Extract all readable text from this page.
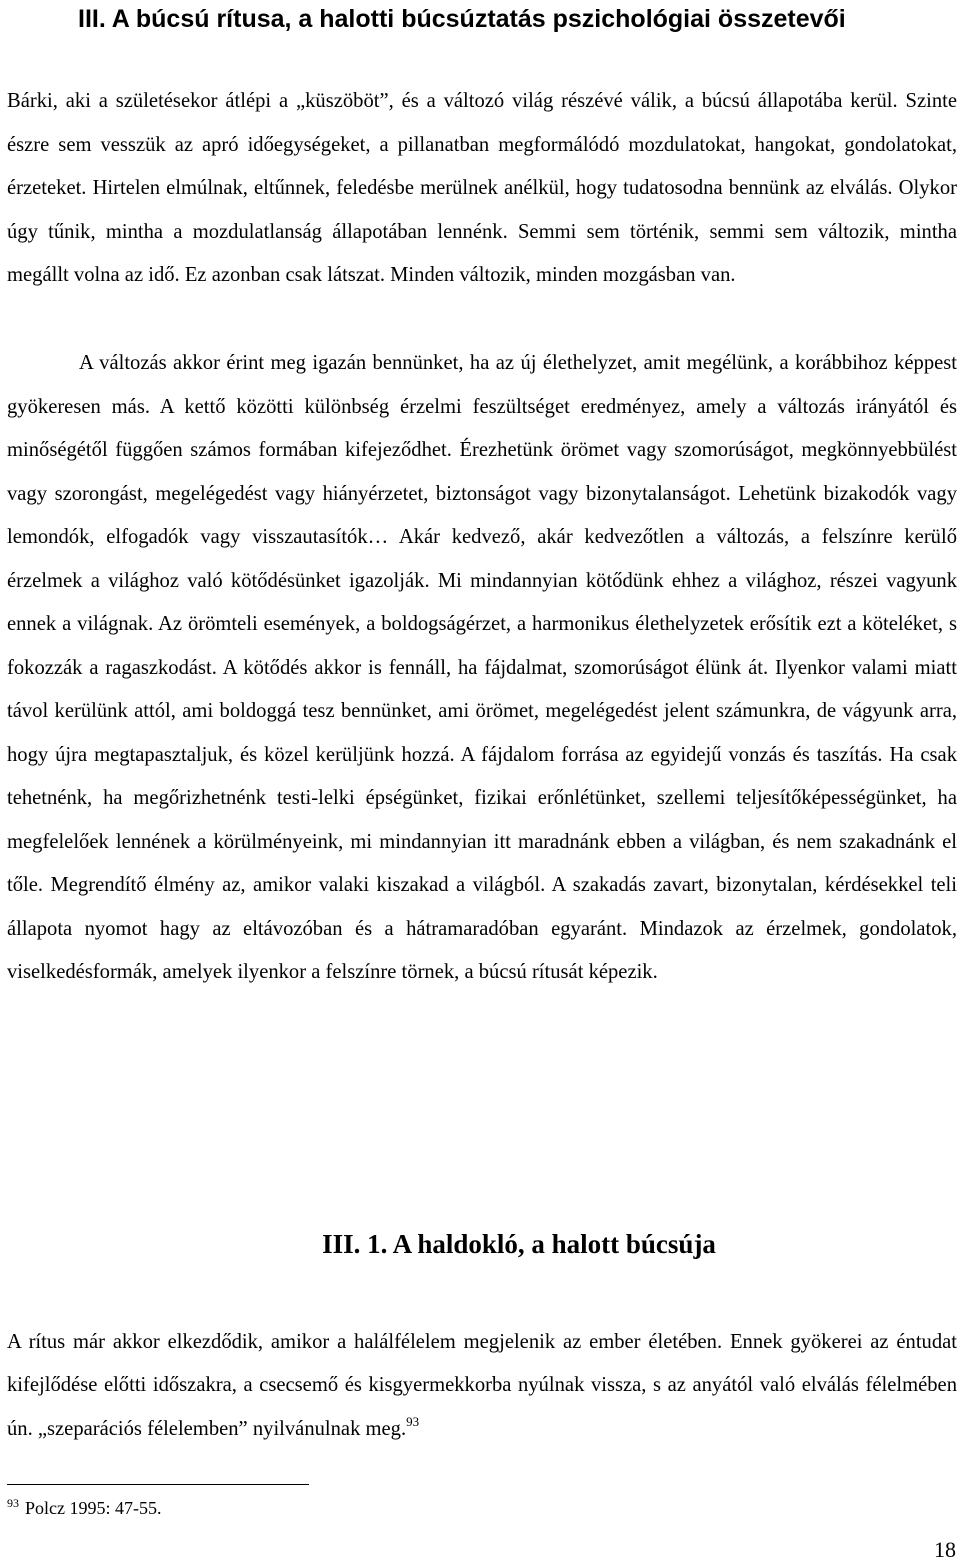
III. A búcsú rítusa, a halotti búcsúztatás pszichológiai összetevői

Bárki, aki a születésekor átlépi a „küszöböt”, és a változó világ részévé válik, a búcsú állapotába kerül. Szinte észre sem vesszük az apró időegységeket, a pillanatban megformálódó mozdulatokat, hangokat, gondolatokat, érzeteket. Hirtelen elmúlnak, eltűnnek, feledésbe merülnek anélkül, hogy tudatosodna bennünk az elválás. Olykor úgy tűnik, mintha a mozdulatlanság állapotában lennénk. Semmi sem történik, semmi sem változik, mintha megállt volna az idő. Ez azonban csak látszat. Minden változik, minden mozgásban van.

A változás akkor érint meg igazán bennünket, ha az új élethelyzet, amit megélünk, a korábbihoz képpest gyökeresen más. A kettő közötti különbség érzelmi feszültséget eredményez, amely a változás irányától és minőségétől függően számos formában kifejeződhet. Érezhetünk örömet vagy szomorúságot, megkönnyebbülést vagy szorongást, megelégedést vagy hiányérzetet, biztonságot vagy bizonytalanságot. Lehetünk bizakodók vagy lemondók, elfogadók vagy visszautasítók… Akár kedvező, akár kedvezőtlen a változás, a felszínre kerülő érzelmek a világhoz való kötődésünket igazolják. Mi mindannyian kötődünk ehhez a világhoz, részei vagyunk ennek a világnak. Az örömteli események, a boldogságérzet, a harmonikus élethelyzetek erősítik ezt a köteléket, s fokozzák a ragaszkodást. A kötődés akkor is fennáll, ha fájdalmat, szomorúságot élünk át. Ilyenkor valami miatt távol kerülünk attól, ami boldoggá tesz bennünket, ami örömet, megelégedést jelent számunkra, de vágyunk arra, hogy újra megtapasztaljuk, és közel kerüljünk hozzá. A fájdalom forrása az egyidejű vonzás és taszítás. Ha csak tehetnénk, ha megőrizhetnénk testi-lelki épségünket, fizikai erőnlétünket, szellemi teljesítőképességünket, ha megfelelőek lennének a körülményeink, mi mindannyian itt maradnánk ebben a világban, és nem szakadnánk el tőle. Megrendítő élmény az, amikor valaki kiszakad a világból. A szakadás zavart, bizonytalan, kérdésekkel teli állapota nyomot hagy az eltávozóban és a hátramaradóban egyaránt. Mindazok az érzelmek, gondolatok, viselkedésformák, amelyek ilyenkor a felszínre törnek, a búcsú rítusát képezik.

III. 1. A haldokló, a halott búcsúja

A rítus már akkor elkezdődik, amikor a halálfélelem megjelenik az ember életében. Ennek gyökerei az éntudat kifejlődése előtti időszakra, a csecsemő és kisgyermekkorba nyúlnak vissza, s az anyától való elválás félelmében ún. „szeparációs félelemben” nyilvánulnak meg.$^{93}$

$^{93}$ Polcz 1995: 47-55.

18
